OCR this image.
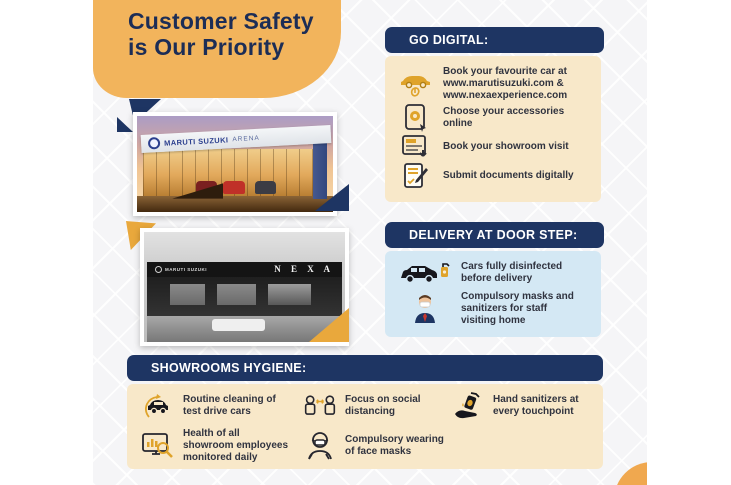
Customer Safety
is Our Priority
MARUTI SUZUKI ARENA
MARUTI SUZUKI	N E X A
GO DIGITAL:
Book your favourite car at www.marutisuzuki.com & www.nexaexperience.com
Choose your accessories online
Book your showroom visit
Submit documents digitally
DELIVERY AT DOOR STEP:
Cars fully disinfected before delivery
Compulsory masks and sanitizers for staff visiting home
SHOWROOMS HYGIENE:
Routine cleaning of test drive cars
Focus on social distancing
Hand sanitizers at every touchpoint
Health of all showroom employees monitored daily
Compulsory wearing of face masks
